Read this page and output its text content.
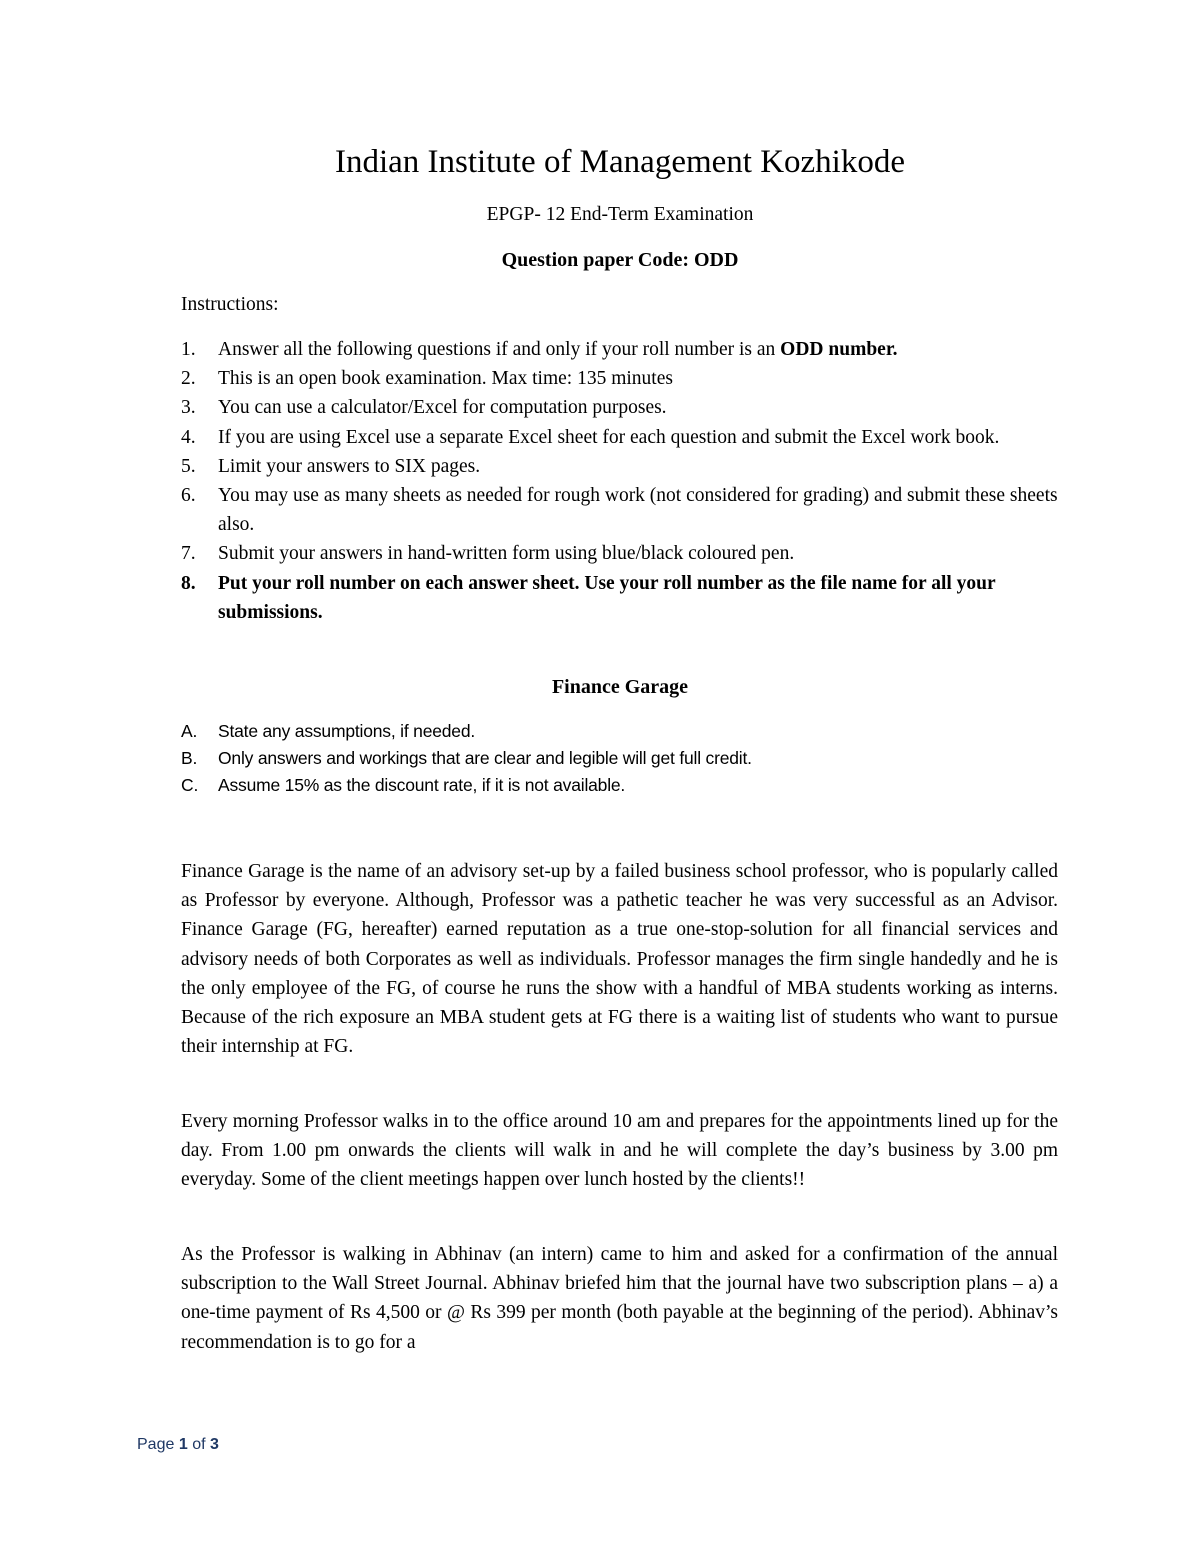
Indian Institute of Management Kozhikode
EPGP- 12 End-Term Examination
Question paper Code: ODD
Instructions:
1. Answer all the following questions if and only if your roll number is an ODD number.
2. This is an open book examination. Max time: 135 minutes
3. You can use a calculator/Excel for computation purposes.
4. If you are using Excel use a separate Excel sheet for each question and submit the Excel work book.
5. Limit your answers to SIX pages.
6. You may use as many sheets as needed for rough work (not considered for grading) and submit these sheets also.
7. Submit your answers in hand-written form using blue/black coloured pen.
8. Put your roll number on each answer sheet. Use your roll number as the file name for all your submissions.
Finance Garage
A. State any assumptions, if needed.
B. Only answers and workings that are clear and legible will get full credit.
C. Assume 15% as the discount rate, if it is not available.

Finance Garage is the name of an advisory set-up by a failed business school professor, who is popularly called as Professor by everyone. Although, Professor was a pathetic teacher he was very successful as an Advisor. Finance Garage (FG, hereafter) earned reputation as a true one-stop-solution for all financial services and advisory needs of both Corporates as well as individuals. Professor manages the firm single handedly and he is the only employee of the FG, of course he runs the show with a handful of MBA students working as interns. Because of the rich exposure an MBA student gets at FG there is a waiting list of students who want to pursue their internship at FG.

Every morning Professor walks in to the office around 10 am and prepares for the appointments lined up for the day. From 1.00 pm onwards the clients will walk in and he will complete the day’s business by 3.00 pm everyday. Some of the client meetings happen over lunch hosted by the clients!!

As the Professor is walking in Abhinav (an intern) came to him and asked for a confirmation of the annual subscription to the Wall Street Journal. Abhinav briefed him that the journal have two subscription plans – a) a one-time payment of Rs 4,500 or @ Rs 399 per month (both payable at the beginning of the period). Abhinav’s recommendation is to go for a

Page 1 of 3
